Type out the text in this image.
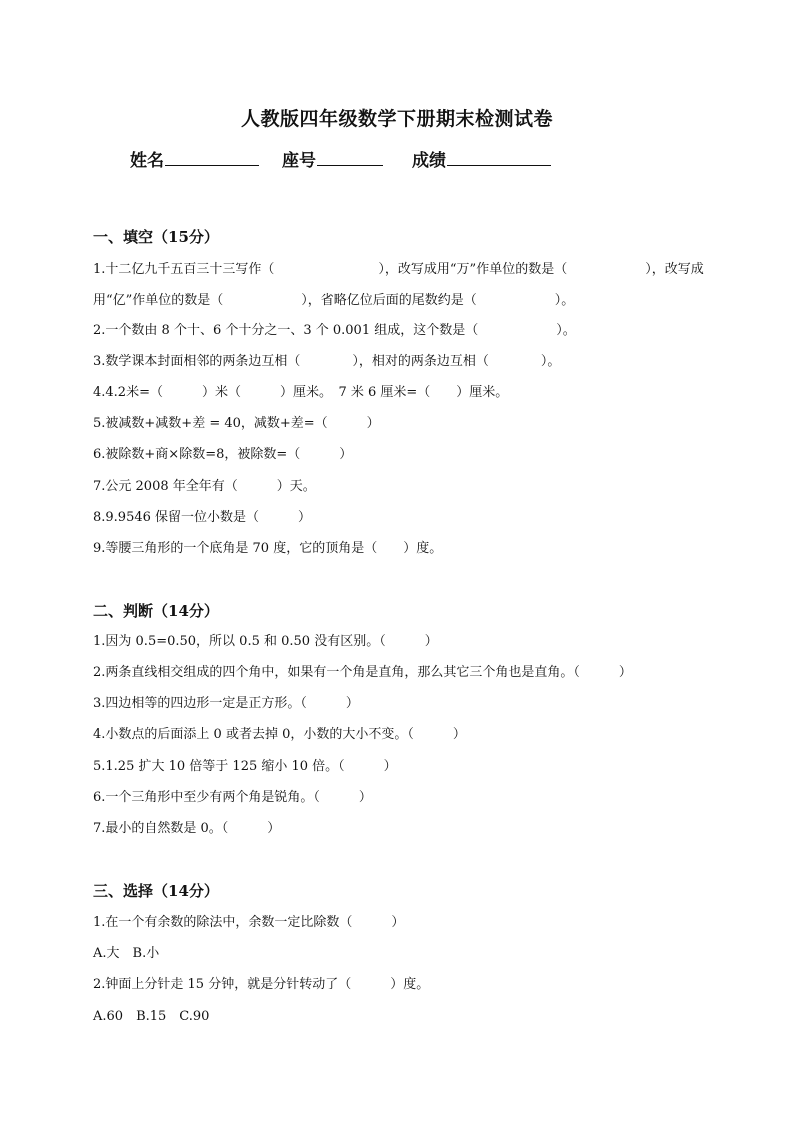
人教版四年级数学下册期末检测试卷
姓名	座号	成绩
一、填空（15分）
1.十二亿九千五百三十三写作（　　　　　　　　），改写成用“万”作单位的数是（　　　　　　），改写成用“亿”作单位的数是（　　　　　　），省略亿位后面的尾数约是（　　　　　　）。
2.一个数由 8 个十、6 个十分之一、3 个 0.001 组成，这个数是（　　　　　　）。
3.数学课本封面相邻的两条边互相（　　　　），相对的两条边互相（　　　　）。
4.4.2米=（　　　）米（　　　）厘米。　7 米 6 厘米=（　　）厘米。
5.被减数+减数+差 = 40，减数+差=（　　　）
6.被除数+商×除数=8，被除数=（　　　）
7.公元 2008 年全年有（　　　）天。
8.9.9546 保留一位小数是（　　　）
9.等腰三角形的一个底角是 70 度，它的顶角是（　　）度。
二、判断（14分）
1.因为 0.5=0.50，所以 0.5 和 0.50 没有区别。（　　　）
2.两条直线相交组成的四个角中，如果有一个角是直角，那么其它三个角也是直角。（　　　）
3.四边相等的四边形一定是正方形。（　　　）
4.小数点的后面添上 0 或者去掉 0，小数的大小不变。（　　　）
5.1.25 扩大 10 倍等于 125 缩小 10 倍。（　　　）
6.一个三角形中至少有两个角是锐角。（　　　）
7.最小的自然数是 0。（　　　）
三、选择（14分）
1.在一个有余数的除法中，余数一定比除数（　　　）
A.大　B.小
2.钟面上分针走 15 分钟，就是分针转动了（　　　）度。
A.60　B.15　C.90
